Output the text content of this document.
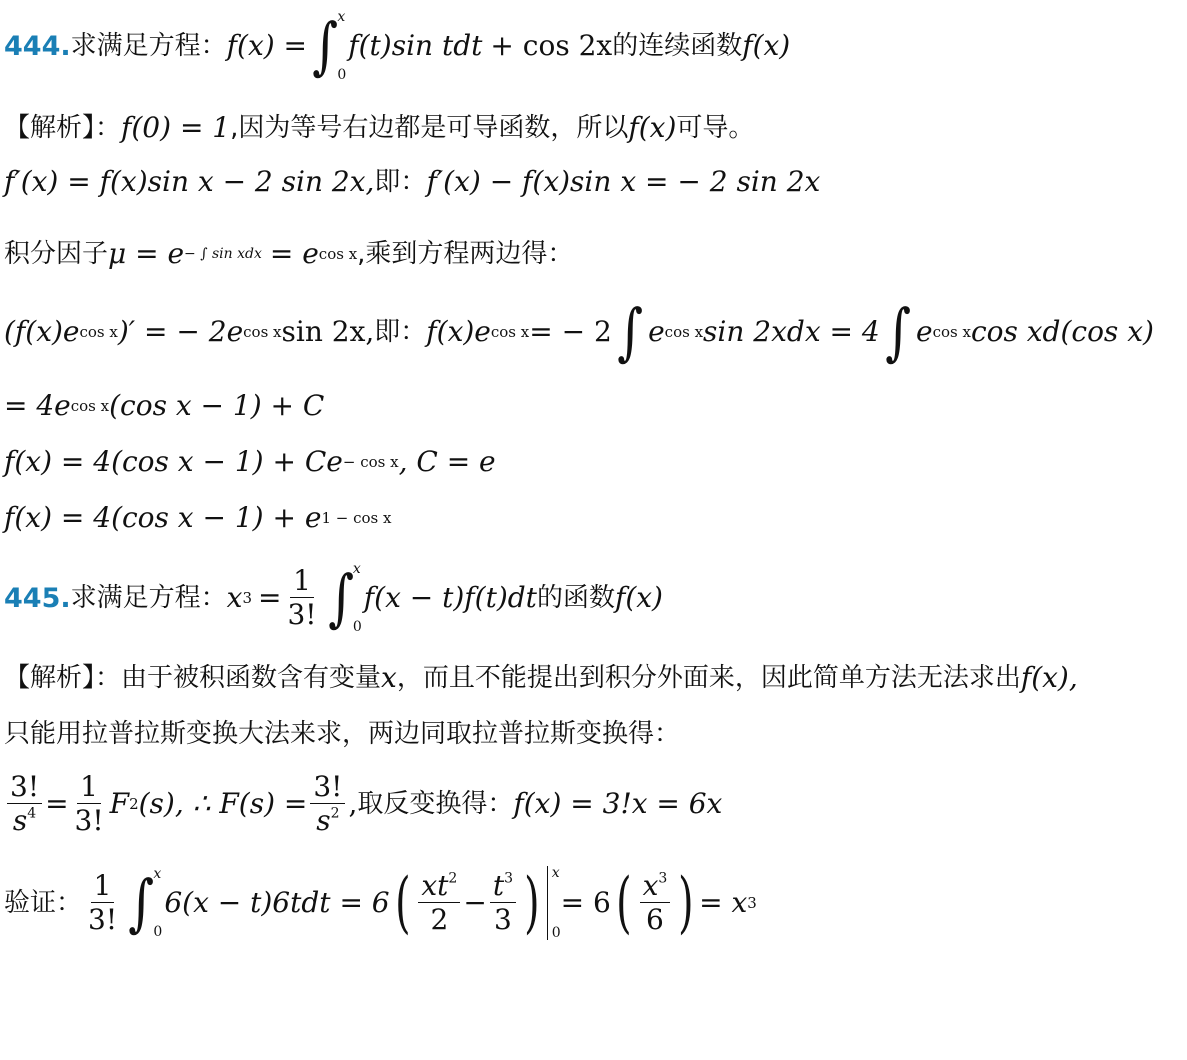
444 . 求满足方程： f(x) = ∫ x
0
f(t)sin tdt + cos 2x 的连续函数 f(x)
【解析】： f(0) = 1 ,因为等号右边都是可导函数，所以 f(x) 可导。
f′(x) = f(x)sin x − 2 sin 2x, 即： f′(x) − f(x)sin x = − 2 sin 2x
积分因子 μ = e − ∫ sin xdx = e cos x ,乘到方程两边得：
(f(x)e cos x )′ = − 2e cos x sin 2x, 即： f(x)e cos x = − 2 ∫ e cos x sin 2xdx = 4 ∫ e cos x cos xd(cos x)
= 4e cos x (cos x − 1) + C
f(x) = 4(cos x − 1) + Ce − cos x , C = e
f(x) = 4(cos x − 1) + e 1 − cos x
445 . 求满足方程： x $3 = \frac{1}{3!}$ ∫ x
0
f(x − t)f(t)dt 的函数 f(x)
【解析】： 由于被积函数含有变量 x ，而且不能提出到积分外面来，因此简单方法无法求出 f(x),
只能用拉普拉斯变换大法来求，两边同取拉普拉斯变换得：
$\frac{3!}{s^4} = \frac{1}{3!}$ F 2 (s), ∴ $F(s) = \frac{3!}{s^2}$ , 取反变换得： f(x) = 3!x = 6x
验证： $\frac{1}{3!}$ ∫ x
0
6(x − t)6tdt = 6 ( $\frac{xt^2}{2} - \frac{t^3}{3}$ ) x
0
= 6 ( $\frac{x^3}{6}$ ) = x 3
